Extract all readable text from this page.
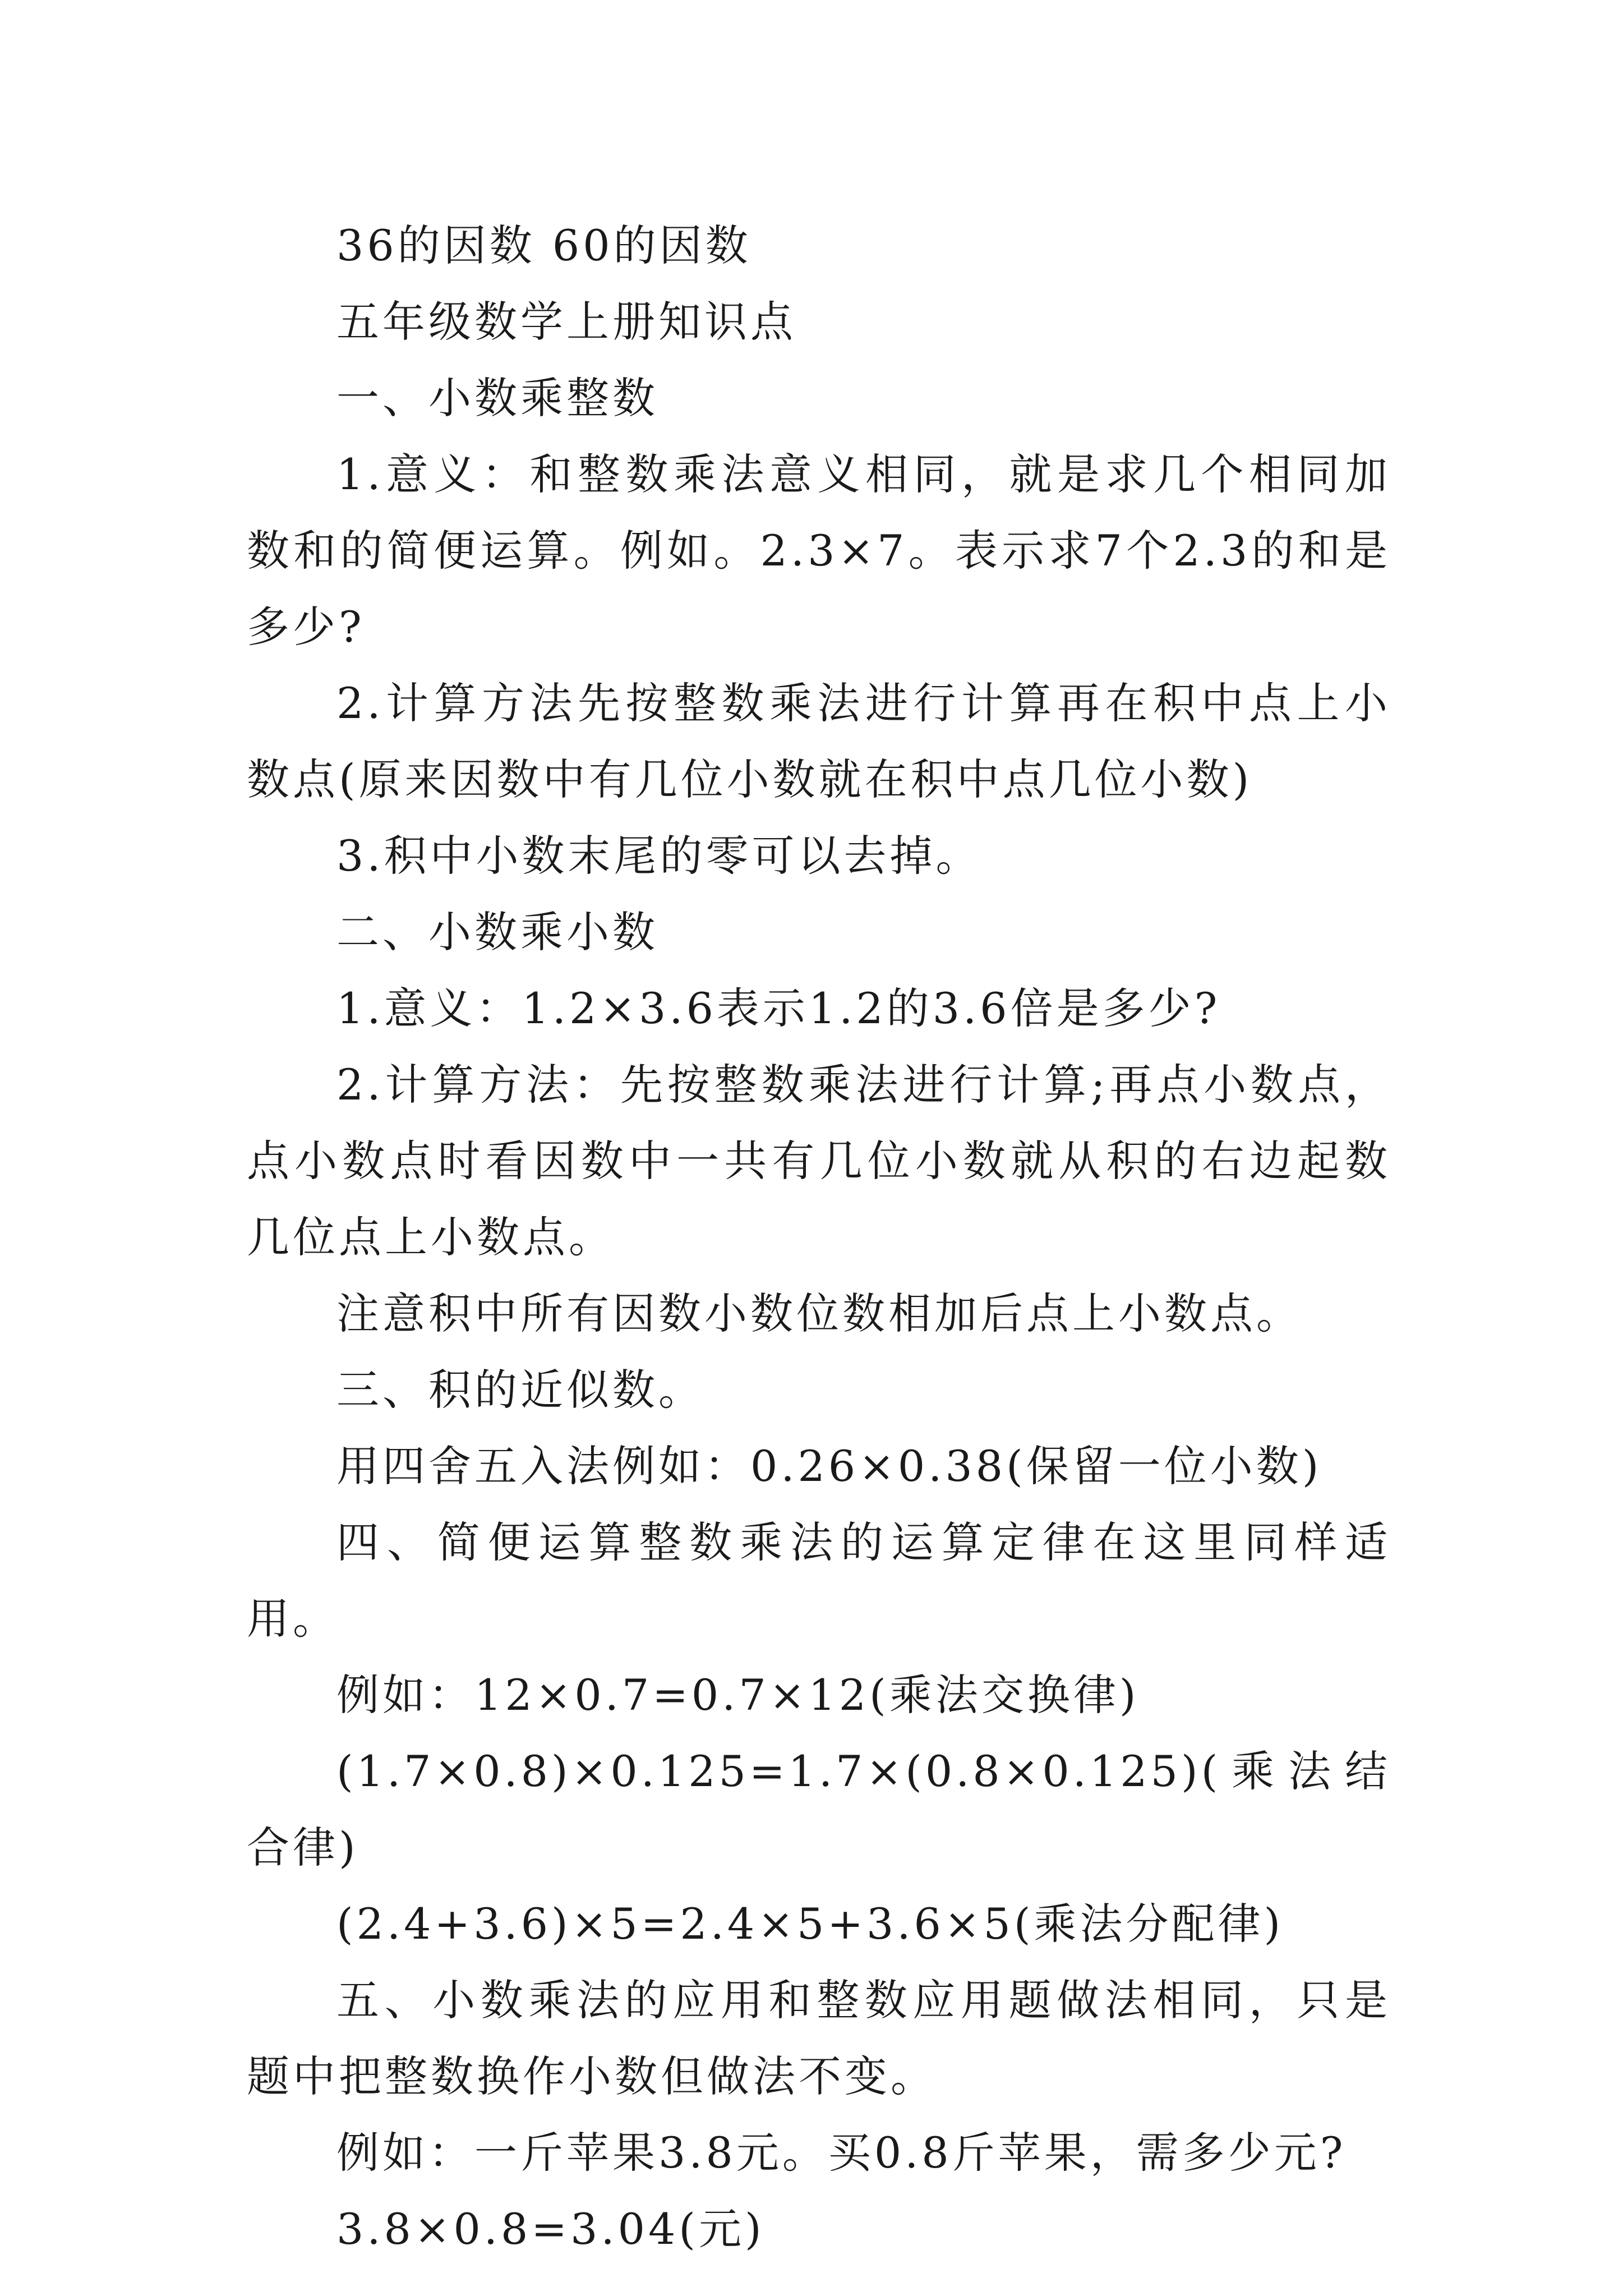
36的因数 60的因数

五年级数学上册知识点

一、小数乘整数

1.意义：和整数乘法意义相同，就是求几个相同加数和的简便运算。例如。2.3×7。表示求7个2.3的和是多少?

2.计算方法先按整数乘法进行计算再在积中点上小数点(原来因数中有几位小数就在积中点几位小数)

3.积中小数末尾的零可以去掉。

二、小数乘小数

1.意义：1.2×3.6表示1.2的3.6倍是多少?

2.计算方法：先按整数乘法进行计算;再点小数点，点小数点时看因数中一共有几位小数就从积的右边起数几位点上小数点。

注意积中所有因数小数位数相加后点上小数点。

三、积的近似数。

用四舍五入法例如：0.26×0.38(保留一位小数)

四、简便运算整数乘法的运算定律在这里同样适用。

例如：12×0.7=0.7×12(乘法交换律)

(1.7×0.8)×0.125=1.7×(0.8×0.125)(乘法结合律)

(2.4+3.6)×5=2.4×5+3.6×5(乘法分配律)

五、小数乘法的应用和整数应用题做法相同，只是题中把整数换作小数但做法不变。

例如：一斤苹果3.8元。买0.8斤苹果，需多少元?

3.8×0.8=3.04(元)
